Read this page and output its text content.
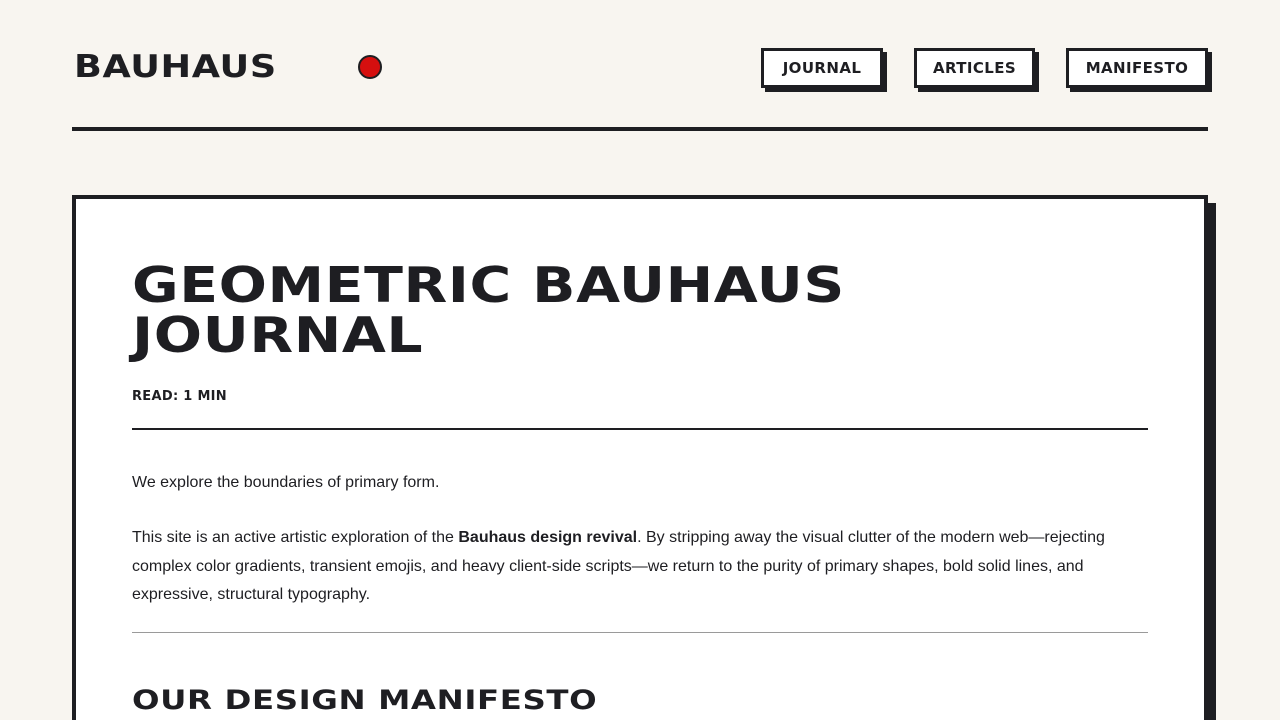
BAUHAUS	JOURNAL	ARTICLES	MANIFESTO
GEOMETRIC BAUHAUS
JOURNAL
READ: 1 MIN

We explore the boundaries of primary form.

This site is an active artistic exploration of the Bauhaus design revival. By stripping away the visual clutter of the modern web—rejecting complex color gradients, transient emojis, and heavy client-side scripts—we return to the purity of primary shapes, bold solid lines, and expressive, structural typography.

OUR DESIGN MANIFESTO
